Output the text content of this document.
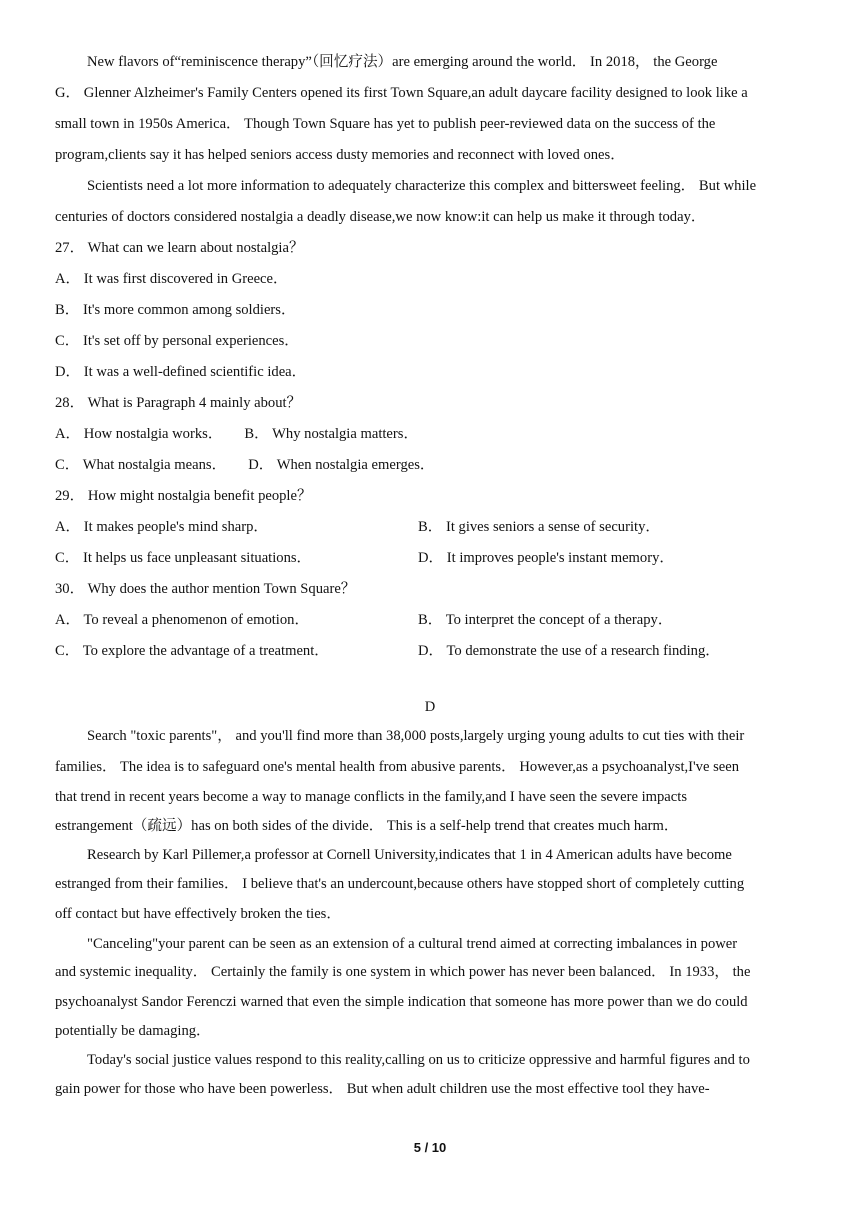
New flavors of“reminiscence therapy”（回忆疗法）are emerging around the world． In 2018， the George
G． Glenner Alzheimer's Family Centers opened its first Town Square,an adult daycare facility designed to look like a
small town in 1950s America． Though Town Square has yet to publish peer-reviewed data on the success of the
program,clients say it has helped seniors access dusty memories and reconnect with loved ones．
Scientists need a lot more information to adequately characterize this complex and bittersweet feeling． But while
centuries of doctors considered nostalgia a deadly disease,we now know:it can help us make it through today．
27． What can we learn about nostalgia？
A． It was first discovered in Greece．
B． It's more common among soldiers．
C． It's set off by personal experiences．
D． It was a well-defined scientific idea．
28． What is Paragraph 4 mainly about？
A． How nostalgia works． B． Why nostalgia matters．
C． What nostalgia means． D． When nostalgia emerges．
29． How might nostalgia benefit people？
A． It makes people's mind sharp．	B． It gives seniors a sense of security．
C． It helps us face unpleasant situations．	D． It improves people's instant memory．
30． Why does the author mention Town Square？
A． To reveal a phenomenon of emotion．	B． To interpret the concept of a therapy．
C． To explore the advantage of a treatment．	D． To demonstrate the use of a research finding．
D
Search "toxic parents"， and you'll find more than 38,000 posts,largely urging young adults to cut ties with their
families． The idea is to safeguard one's mental health from abusive parents． However,as a psychoanalyst,I've seen
that trend in recent years become a way to manage conflicts in the family,and I have seen the severe impacts
estrangement（疏远）has on both sides of the divide． This is a self-help trend that creates much harm．
Research by Karl Pillemer,a professor at Cornell University,indicates that 1 in 4 American adults have become
estranged from their families． I believe that's an undercount,because others have stopped short of completely cutting
off contact but have effectively broken the ties．
"Canceling"your parent can be seen as an extension of a cultural trend aimed at correcting imbalances in power
and systemic inequality． Certainly the family is one system in which power has never been balanced． In 1933， the
psychoanalyst Sandor Ferenczi warned that even the simple indication that someone has more power than we do could
potentially be damaging．
Today's social justice values respond to this reality,calling on us to criticize oppressive and harmful figures and to
gain power for those who have been powerless． But when adult children use the most effective tool they have-
5 / 10
